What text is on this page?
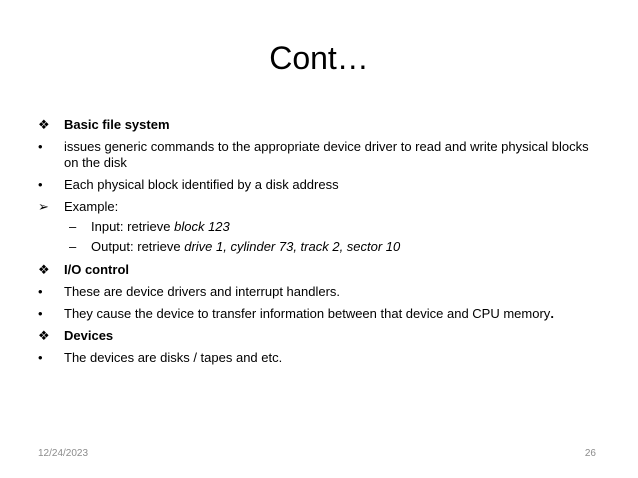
Cont…
❖	Basic file system
•	issues generic commands to the appropriate device driver to read and write physical blocks on the disk
•	Each physical block identified by a disk address
➢	Example:
–	Input: retrieve block 123
–	Output: retrieve drive 1, cylinder 73, track 2, sector 10
❖	I/O control
•	These are device drivers and interrupt handlers.
•	They cause the device to transfer information between that device and CPU memory.
❖	Devices
•	The devices are disks / tapes and etc.
12/24/2023	26
